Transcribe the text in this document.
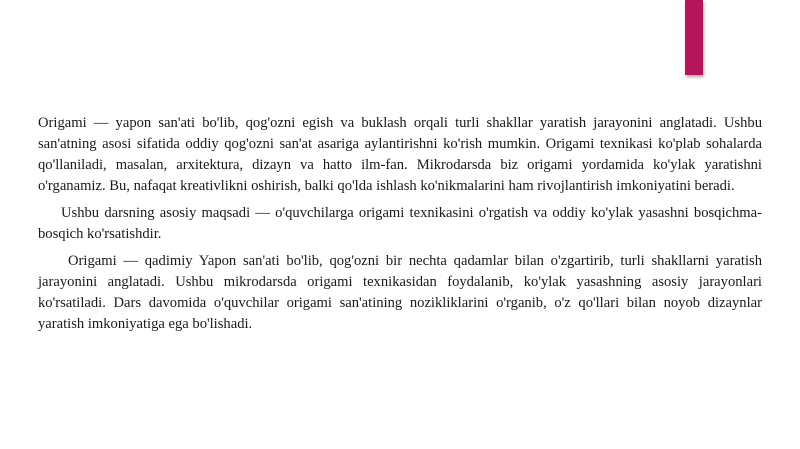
Origami — yapon san'ati bo'lib, qog'ozni egish va buklash orqali turli shakllar yaratish jarayonini anglatadi. Ushbu san'atning asosi sifatida oddiy qog'ozni san'at asariga aylantirishni ko'rish mumkin. Origami texnikasi ko'plab sohalarda qo'llaniladi, masalan, arxitektura, dizayn va hatto ilm-fan. Mikrodarsda biz origami yordamida ko'ylak yaratishni o'rganamiz. Bu, nafaqat kreativlikni oshirish, balki qo'lda ishlash ko'nikmalarini ham rivojlantirish imkoniyatini beradi.

Ushbu darsning asosiy maqsadi — o'quvchilarga origami texnikasini o'rgatish va oddiy ko'ylak yasashni bosqichma-bosqich ko'rsatishdir.

Origami — qadimiy Yapon san'ati bo'lib, qog'ozni bir nechta qadamlar bilan o'zgartirib, turli shakllarni yaratish jarayonini anglatadi. Ushbu mikrodarsda origami texnikasidan foydalanib, ko'ylak yasashning asosiy jarayonlari ko'rsatiladi. Dars davomida o'quvchilar origami san'atining nozikliklarini o'rganib, o'z qo'llari bilan noyob dizaynlar yaratish imkoniyatiga ega bo'lishadi.
